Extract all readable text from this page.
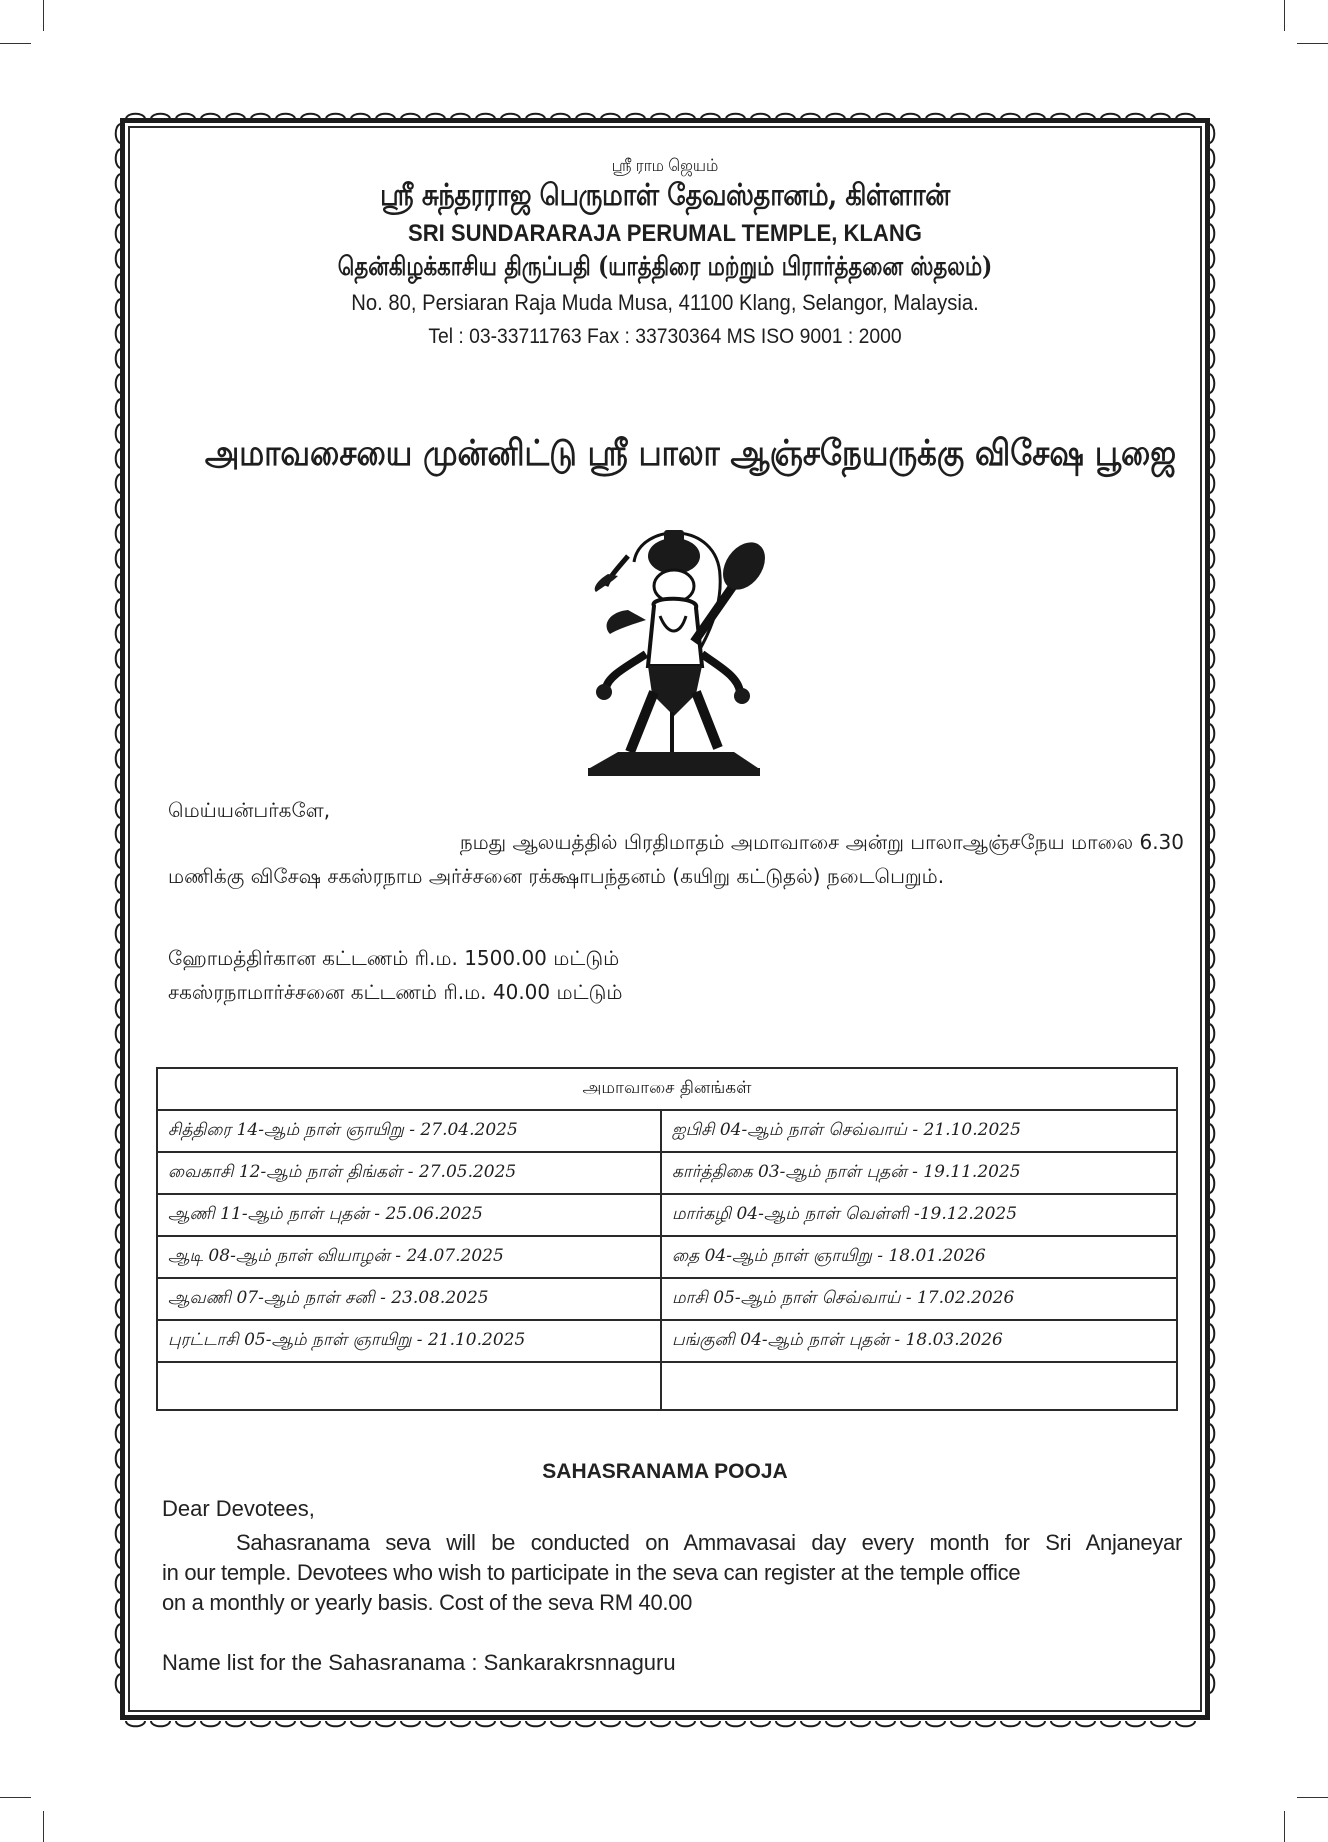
ஸ்ரீ ராம ஜெயம்
ஸ்ரீ சுந்தரராஜ பெருமாள் தேவஸ்தானம், கிள்ளான்
SRI SUNDARARAJA PERUMAL TEMPLE, KLANG
தென்கிழக்காசிய திருப்பதி (யாத்திரை மற்றும் பிரார்த்தனை ஸ்தலம்)
No. 80, Persiaran Raja Muda Musa, 41100 Klang, Selangor, Malaysia.
Tel : 03-33711763 Fax : 33730364 MS ISO 9001 : 2000
அமாவசையை முன்னிட்டு ஸ்ரீ பாலா ஆஞ்சநேயருக்கு விசேஷ பூஜை
மெய்யன்பர்களே,
நமது ஆலயத்தில் பிரதிமாதம் அமாவாசை அன்று பாலாஆஞ்சநேய மாலை 6.30
மணிக்கு விசேஷ சகஸ்ரநாம அர்ச்சனை ரக்க்ஷாபந்தனம் (கயிறு கட்டுதல்) நடைபெறும்.
ஹோமத்திர்கான கட்டணம் ரி.ம. 1500.00 மட்டும்
சகஸ்ரநாமார்ச்சனை கட்டணம் ரி.ம. 40.00 மட்டும்
அமாவாசை தினங்கள்	
சித்திரை 14-ஆம் நாள் ஞாயிறு - 27.04.2025	ஐபிசி 04-ஆம் நாள் செவ்வாய் - 21.10.2025
வைகாசி 12-ஆம் நாள் திங்கள் - 27.05.2025	கார்த்திகை 03-ஆம் நாள் புதன் - 19.11.2025
ஆணி 11-ஆம் நாள் புதன் - 25.06.2025	மார்கழி 04-ஆம் நாள் வெள்ளி -19.12.2025
ஆடி 08-ஆம் நாள் வியாழன் - 24.07.2025	தை 04-ஆம் நாள் ஞாயிறு - 18.01.2026
ஆவணி 07-ஆம் நாள் சனி - 23.08.2025	மாசி 05-ஆம் நாள் செவ்வாய் - 17.02.2026
புரட்டாசி 05-ஆம் நாள் ஞாயிறு - 21.10.2025	பங்குனி 04-ஆம் நாள் புதன் - 18.03.2026

SAHASRANAMA POOJA
Dear Devotees,
Sahasranama seva will be conducted on Ammavasai day every month for Sri Anjaneyar
in our temple. Devotees who wish to participate in the seva can register at the temple office
on a monthly or yearly basis. Cost of the seva RM 40.00
Name list for the Sahasranama : Sankarakrsnnaguru
